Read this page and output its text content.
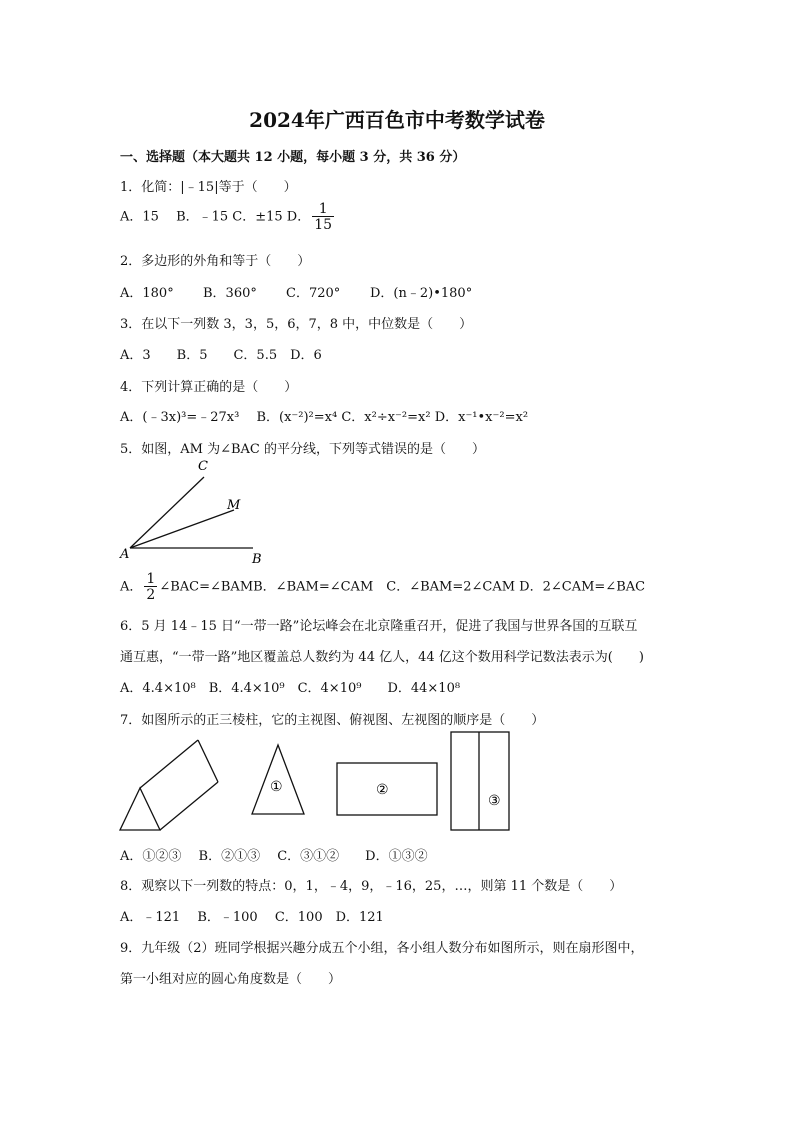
2024年广西百色市中考数学试卷
一、选择题（本大题共 12 小题，每小题 3 分，共 36 分）
1．化简：|﹣15|等于（　　）
A．15　 B．﹣15 C．±15 D． $\frac{1}{15}$
2．多边形的外角和等于（　　）
A．180° B．360° C．720° D．(n﹣2)•180°
3．在以下一列数 3，3，5，6，7，8 中，中位数是（　　）
A．3　　B．5　　C．5.5　D．6
4．下列计算正确的是（　　）
A．(﹣3x)³=﹣27x³　 B．(x⁻²)²=x⁴ C．x²÷x⁻²=x² D．x⁻¹•x⁻²=x²
5．如图，AM 为∠BAC 的平分线，下列等式错误的是（　　）
C
M
A	B
A． $\frac{1}{2}$ ∠BAC=∠BAMB．∠BAM=∠CAM　C．∠BAM=2∠CAM D．2∠CAM=∠BAC
6．5 月 14﹣15 日“一带一路”论坛峰会在北京隆重召开，促进了我国与世界各国的互联互
通互惠，“一带一路”地区覆盖总人数约为 44 亿人，44 亿这个数用科学记数法表示为(　　)
A．4.4×10⁸　B．4.4×10⁹　C．4×10⁹　　D．44×10⁸
7．如图所示的正三棱柱，它的主视图、俯视图、左视图的顺序是（　　）
①	②
③
A．①②③　 B．②①③　 C．③①②　　D．①③②
8．观察以下一列数的特点：0，1，﹣4，9，﹣16，25，…，则第 11 个数是（　　）
A．﹣121　 B．﹣100　 C．100　D．121
9．九年级（2）班同学根据兴趣分成五个小组，各小组人数分布如图所示，则在扇形图中，
第一小组对应的圆心角度数是（　　）
